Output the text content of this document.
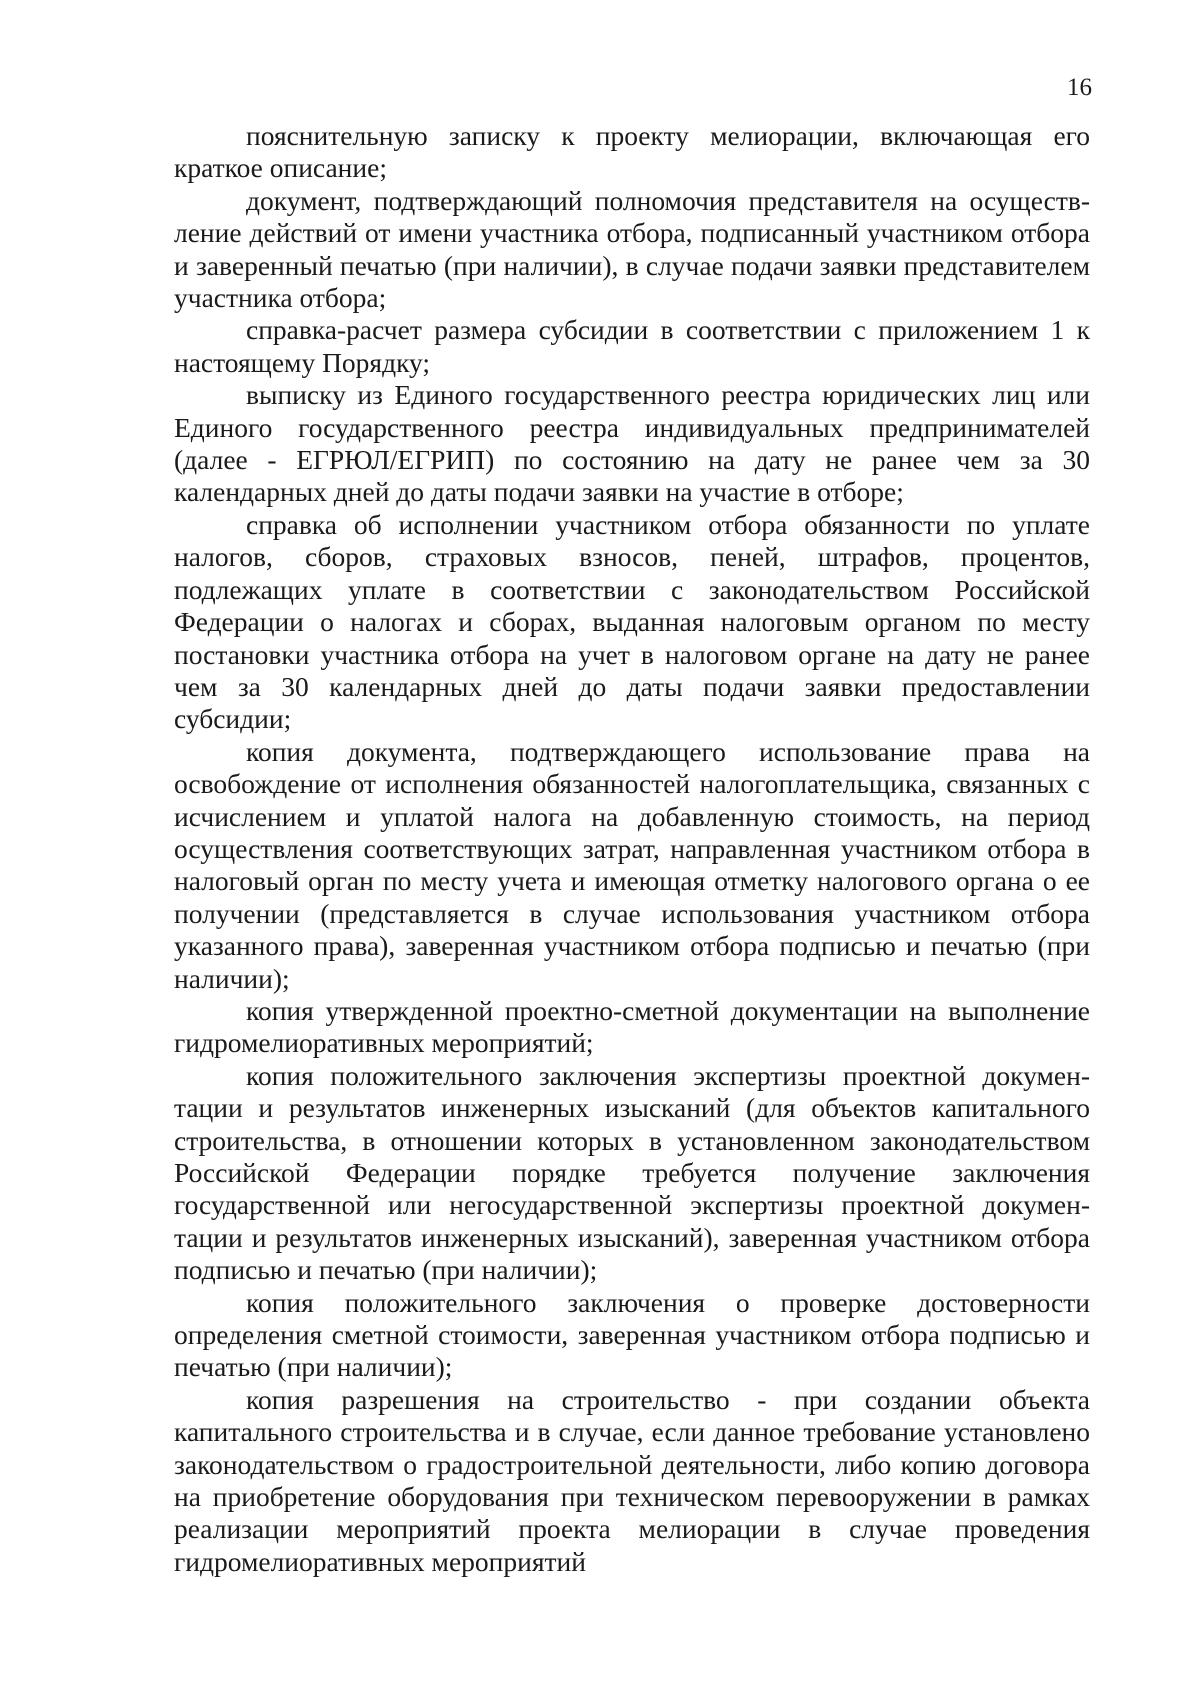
16

пояснительную записку к проекту мелиорации, включающая его краткое описание;

документ, подтверждающий полномочия представителя на осуществление действий от имени участника отбора, подписанный участником отбора и заверенный печатью (при наличии), в случае подачи заявки представителем участника отбора;

справка-расчет размера субсидии в соответствии с приложением 1 к настоящему Порядку;

выписку из Единого государственного реестра юридических лиц или Единого государственного реестра индивидуальных предпринимателей (далее - ЕГРЮЛ/ЕГРИП) по состоянию на дату не ранее чем за 30 календарных дней до даты подачи заявки на участие в отборе;

справка об исполнении участником отбора обязанности по уплате налогов, сборов, страховых взносов, пеней, штрафов, процентов, подлежащих уплате в соответствии с законодательством Российской Федерации о налогах и сборах, выданная налоговым органом по месту постановки участника отбора на учет в налоговом органе на дату не ранее чем за 30 календарных дней до даты подачи заявки предоставлении субсидии;

копия документа, подтверждающего использование права на освобождение от исполнения обязанностей налогоплательщика, связанных с исчислением и уплатой налога на добавленную стоимость, на период осуществления соответствующих затрат, направленная участником отбора в налоговый орган по месту учета и имеющая отметку налогового органа о ее получении (представляется в случае использования участником отбора указанного права), заверенная участником отбора подписью и печатью (при наличии);

копия утвержденной проектно-сметной документации на выполнение гидромелиоративных мероприятий;

копия положительного заключения экспертизы проектной документации и результатов инженерных изысканий (для объектов капитального строительства, в отношении которых в установленном законодательством Российской Федерации порядке требуется получение заключения государственной или негосударственной экспертизы проектной документации и результатов инженерных изысканий), заверенная участником отбора подписью и печатью (при наличии);

копия положительного заключения о проверке достоверности определения сметной стоимости, заверенная участником отбора подписью и печатью (при наличии);

копия разрешения на строительство - при создании объекта капитального строительства и в случае, если данное требование установлено законодательством о градостроительной деятельности, либо копию договора на приобретение оборудования при техническом перевооружении в рамках реализации мероприятий проекта мелиорации в случае проведения гидромелиоративных мероприятий
